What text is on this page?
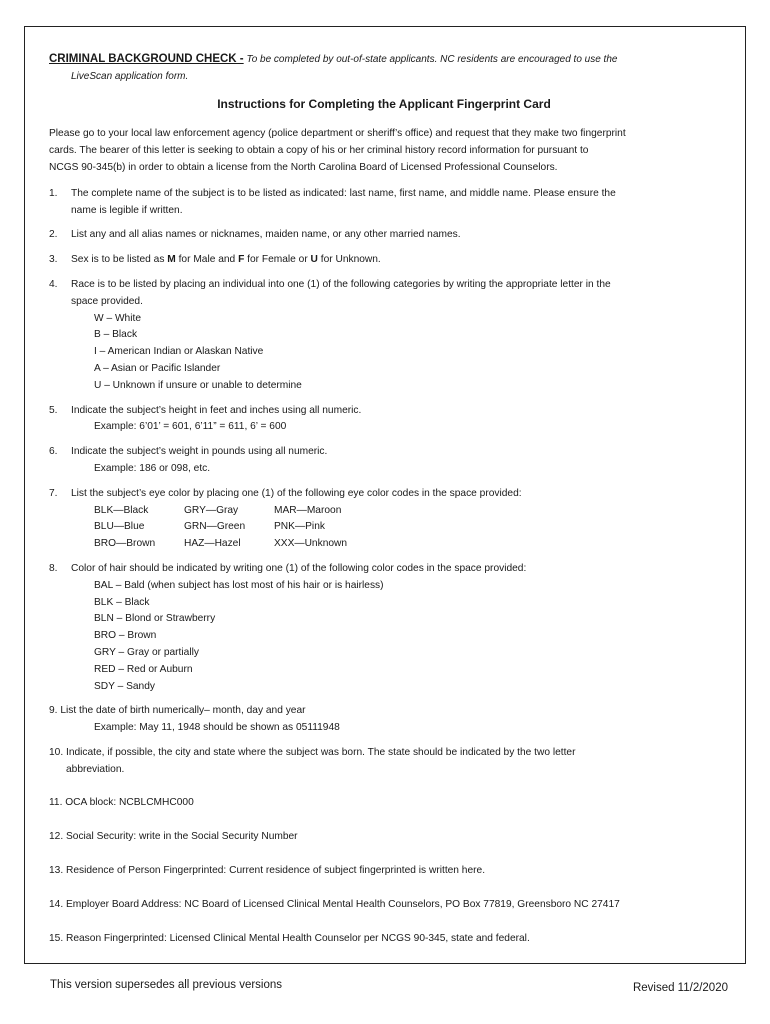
CRIMINAL BACKGROUND CHECK - To be completed by out-of-state applicants. NC residents are encouraged to use the
LiveScan application form.
Instructions for Completing the Applicant Fingerprint Card
Please go to your local law enforcement agency (police department or sheriff’s office) and request that they make two fingerprint
cards. The bearer of this letter is seeking to obtain a copy of his or her criminal history record information for pursuant to
NCGS 90-345(b) in order to obtain a license from the North Carolina Board of Licensed Professional Counselors.
1.	The complete name of the subject is to be listed as indicated: last name, first name, and middle name. Please ensure the
name is legible if written.
2.	List any and all alias names or nicknames, maiden name, or any other married names.
3.	Sex is to be listed as M for Male and F for Female or U for Unknown.
4.	Race is to be listed by placing an individual into one (1) of the following categories by writing the appropriate letter in the
space provided.
W – White
B – Black
I – American Indian or Alaskan Native
A – Asian or Pacific Islander
U – Unknown if unsure or unable to determine
5.	Indicate the subject’s height in feet and inches using all numeric.
Example: 6’01’ = 601, 6’11” = 611, 6’ = 600
6.	Indicate the subject’s weight in pounds using all numeric.
Example: 186 or 098, etc.
7.	List the subject’s eye color by placing one (1) of the following eye color codes in the space provided:
BLK—Black	GRY—Gray	MAR—Maroon
BLU—Blue	GRN—Green	PNK—Pink
BRO—Brown	HAZ—Hazel	XXX—Unknown
8.	Color of hair should be indicated by writing one (1) of the following color codes in the space provided:
BAL – Bald (when subject has lost most of his hair or is hairless)
BLK – Black
BLN – Blond or Strawberry
BRO – Brown
GRY – Gray or partially
RED – Red or Auburn
SDY – Sandy
9. List the date of birth numerically– month, day and year
Example: May 11, 1948 should be shown as 05111948
10. Indicate, if possible, the city and state where the subject was born. The state should be indicated by the two letter
abbreviation.
11. OCA block: NCBLCMHC000
12. Social Security: write in the Social Security Number
13. Residence of Person Fingerprinted: Current residence of subject fingerprinted is written here.
14. Employer Board Address: NC Board of Licensed Clinical Mental Health Counselors, PO Box 77819, Greensboro NC 27417
15. Reason Fingerprinted: Licensed Clinical Mental Health Counselor per NCGS 90-345, state and federal.
This version supersedes all previous versions	Revised 11/2/2020
